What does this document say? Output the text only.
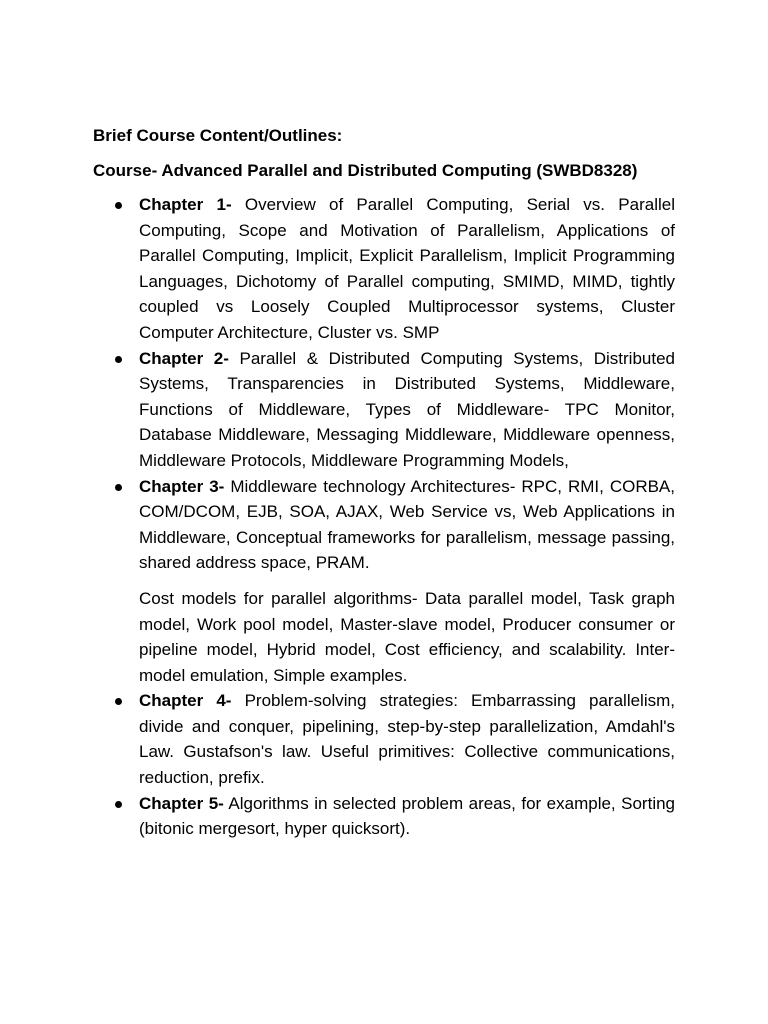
Brief Course Content/Outlines:

Course- Advanced Parallel and Distributed Computing (SWBD8328)

Chapter 1- Overview of Parallel Computing, Serial vs. Parallel Computing, Scope and Motivation of Parallelism, Applications of Parallel Computing, Implicit, Explicit Parallelism, Implicit Programming Languages, Dichotomy of Parallel computing, SMIMD, MIMD, tightly coupled vs Loosely Coupled Multiprocessor systems, Cluster Computer Architecture, Cluster vs. SMP
Chapter 2- Parallel & Distributed Computing Systems, Distributed Systems, Transparencies in Distributed Systems, Middleware, Functions of Middleware, Types of Middleware- TPC Monitor, Database Middleware, Messaging Middleware, Middleware openness, Middleware Protocols, Middleware Programming Models,
Chapter 3- Middleware technology Architectures- RPC, RMI, CORBA, COM/DCOM, EJB, SOA, AJAX, Web Service vs, Web Applications in Middleware, Conceptual frameworks for parallelism, message passing, shared address space, PRAM.
Cost models for parallel algorithms- Data parallel model, Task graph model, Work pool model, Master-slave model, Producer consumer or pipeline model, Hybrid model, Cost efficiency, and scalability. Inter-model emulation, Simple examples.
Chapter 4- Problem-solving strategies: Embarrassing parallelism, divide and conquer, pipelining, step-by-step parallelization, Amdahl's Law. Gustafson's law. Useful primitives: Collective communications, reduction, prefix.
Chapter 5- Algorithms in selected problem areas, for example, Sorting (bitonic mergesort, hyper quicksort).
